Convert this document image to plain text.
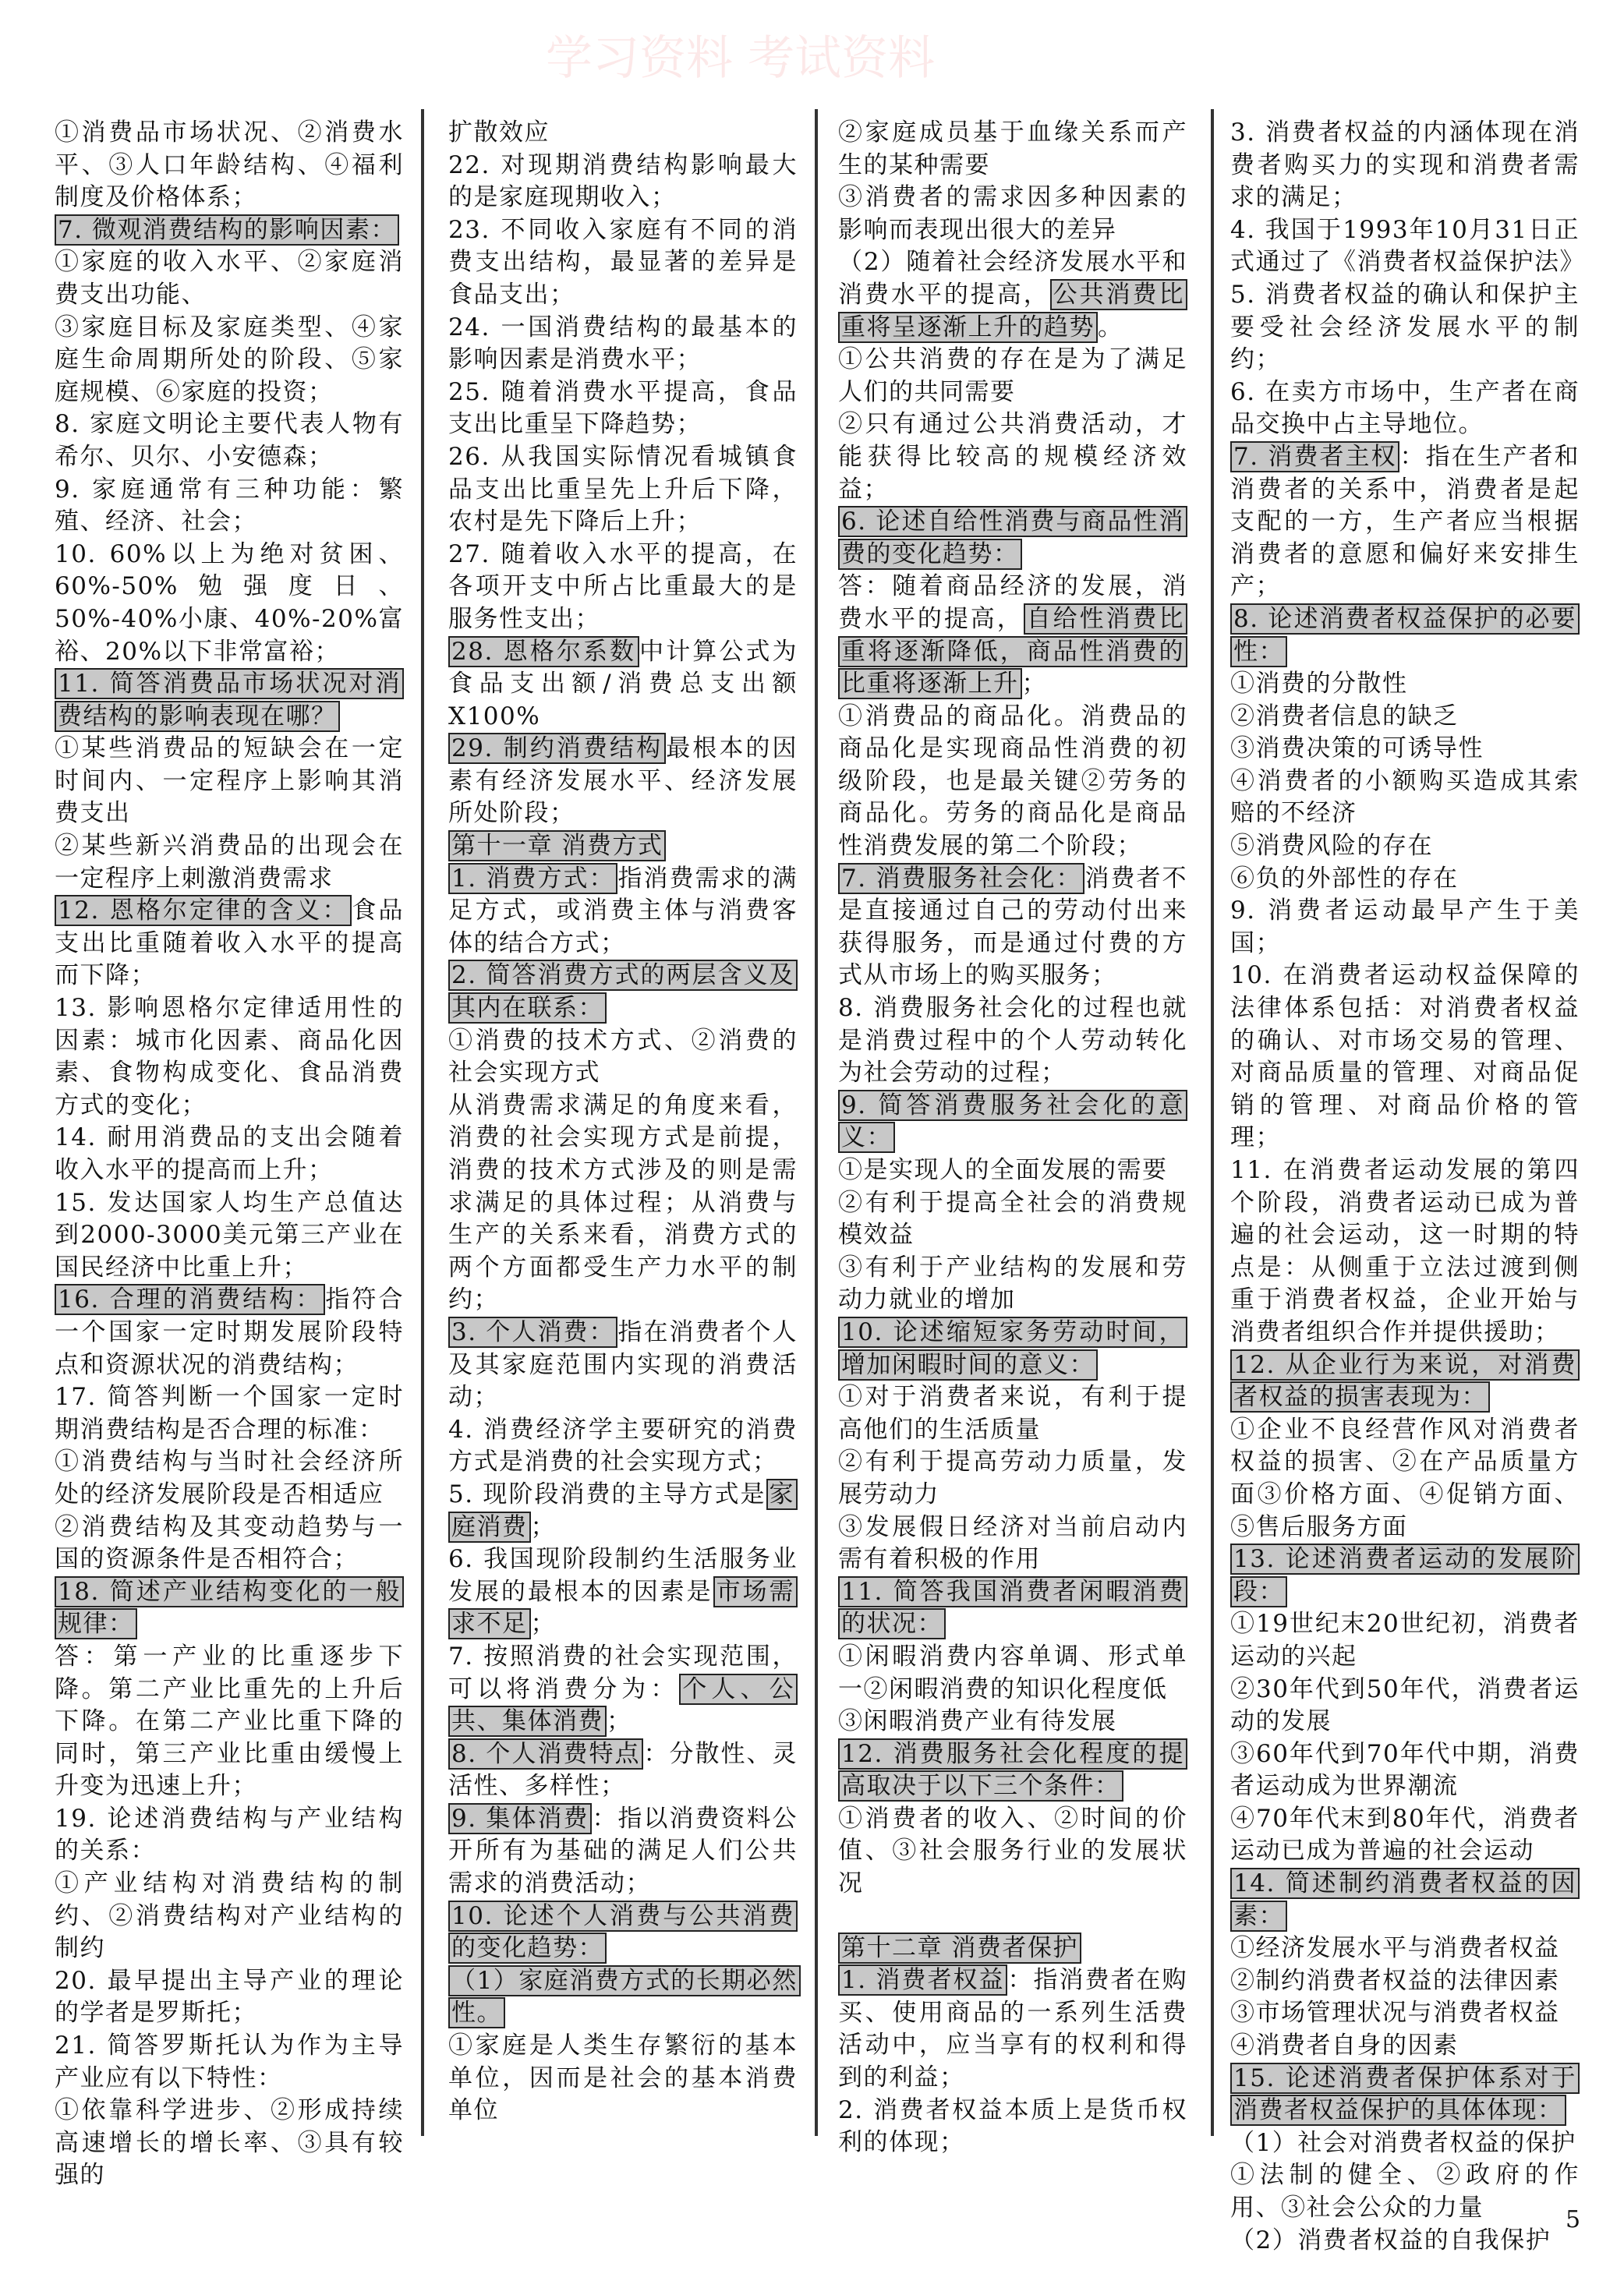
①消费品市场状况、②消费水平、③人口年龄结构、④福利制度及价格体系；

7. 微观消费结构的影响因素：

①家庭的收入水平、②家庭消费支出功能、

③家庭目标及家庭类型、④家庭生命周期所处的阶段、⑤家庭规模、⑥家庭的投资；

8. 家庭文明论主要代表人物有希尔、贝尔、小安德森；

9. 家庭通常有三种功能：繁殖、经济、社会；

10. 60%以上为绝对贫困、60%-50%勉强度日、50%-40%小康、40%-20%富裕、20%以下非常富裕；

11. 简答消费品市场状况对消费结构的影响表现在哪？

①某些消费品的短缺会在一定时间内、一定程序上影响其消费支出

②某些新兴消费品的出现会在一定程序上刺激消费需求

12. 恩格尔定律的含义： 食品支出比重随着收入水平的提高而下降；

13. 影响恩格尔定律适用性的因素：城市化因素、商品化因素、食物构成变化、食品消费方式的变化；

14. 耐用消费品的支出会随着收入水平的提高而上升；

15. 发达国家人均生产总值达到2000-3000美元第三产业在国民经济中比重上升；

16. 合理的消费结构： 指符合一个国家一定时期发展阶段特点和资源状况的消费结构；

17. 简答判断一个国家一定时期消费结构是否合理的标准：

①消费结构与当时社会经济所处的经济发展阶段是否相适应

②消费结构及其变动趋势与一国的资源条件是否相符合；

18. 简述产业结构变化的一般规律：

答：第一产业的比重逐步下降。第二产业比重先的上升后下降。在第二产业比重下降的同时，第三产业比重由缓慢上升变为迅速上升；

19. 论述消费结构与产业结构的关系：

①产业结构对消费结构的制约、②消费结构对产业结构的制约

20. 最早提出主导产业的理论的学者是罗斯托；

21. 简答罗斯托认为作为主导产业应有以下特性：

①依靠科学进步、②形成持续高速增长的增长率、③具有较强的

扩散效应

22. 对现期消费结构影响最大的是家庭现期收入；

23. 不同收入家庭有不同的消费支出结构，最显著的差异是食品支出；

24. 一国消费结构的最基本的影响因素是消费水平；

25. 随着消费水平提高，食品支出比重呈下降趋势；

26. 从我国实际情况看城镇食品支出比重呈先上升后下降，农村是先下降后上升；

27. 随着收入水平的提高，在各项开支中所占比重最大的是服务性支出；

28. 恩格尔系数 中计算公式为食品支出额/消费总支出额X100%

29. 制约消费结构 最根本的因素有经济发展水平、经济发展所处阶段；

第十一章 消费方式

1. 消费方式： 指消费需求的满足方式，或消费主体与消费客体的结合方式；

2. 简答消费方式的两层含义及其内在联系：

①消费的技术方式、②消费的社会实现方式

从消费需求满足的角度来看，消费的社会实现方式是前提，消费的技术方式涉及的则是需求满足的具体过程；从消费与生产的关系来看，消费方式的两个方面都受生产力水平的制约；

3. 个人消费： 指在消费者个人及其家庭范围内实现的消费活动；

4. 消费经济学主要研究的消费方式是消费的社会实现方式；

5. 现阶段消费的主导方式是 家庭消费 ；

6. 我国现阶段制约生活服务业发展的最根本的因素是 市场需求不足 ；

7. 按照消费的社会实现范围，可以将消费分为： 个人、公共、集体消费 ；

8. 个人消费特点 ：分散性、灵活性、多样性；

9. 集体消费 ：指以消费资料公开所有为基础的满足人们公共需求的消费活动；

10. 论述个人消费与公共消费的变化趋势：

（1）家庭消费方式的长期必然性。

①家庭是人类生存繁衍的基本单位，因而是社会的基本消费单位

②家庭成员基于血缘关系而产生的某种需要

③消费者的需求因多种因素的影响而表现出很大的差异

（2）随着社会经济发展水平和消费水平的提高， 公共消费比重将呈逐渐上升的趋势 。

①公共消费的存在是为了满足人们的共同需要

②只有通过公共消费活动，才能获得比较高的规模经济效益；

6. 论述自给性消费与商品性消费的变化趋势：

答：随着商品经济的发展，消费水平的提高， 自给性消费比重将逐渐降低，商品性消费的比重将逐渐上升 ；

①消费品的商品化。消费品的商品化是实现商品性消费的初级阶段，也是最关键②劳务的商品化。劳务的商品化是商品性消费发展的第二个阶段；

7. 消费服务社会化： 消费者不是直接通过自己的劳动付出来获得服务，而是通过付费的方式从市场上的购买服务；

8. 消费服务社会化的过程也就是消费过程中的个人劳动转化为社会劳动的过程；

9. 简答消费服务社会化的意义：

①是实现人的全面发展的需要

②有利于提高全社会的消费规模效益

③有利于产业结构的发展和劳动力就业的增加

10. 论述缩短家务劳动时间，增加闲暇时间的意义：

①对于消费者来说，有利于提高他们的生活质量

②有利于提高劳动力质量，发展劳动力

③发展假日经济对当前启动内需有着积极的作用

11. 简答我国消费者闲暇消费的状况：

①闲暇消费内容单调、形式单一②闲暇消费的知识化程度低

③闲暇消费产业有待发展

12. 消费服务社会化程度的提高取决于以下三个条件：

①消费者的收入、②时间的价值、③社会服务行业的发展状况

第十二章 消费者保护

1. 消费者权益 ：指消费者在购买、使用商品的一系列生活费活动中，应当享有的权利和得到的利益；

2. 消费者权益本质上是货币权利的体现；

3. 消费者权益的内涵体现在消费者购买力的实现和消费者需求的满足；

4. 我国于1993年10月31日正式通过了《消费者权益保护法》

5. 消费者权益的确认和保护主要受社会经济发展水平的制约；

6. 在卖方市场中，生产者在商品交换中占主导地位。

7. 消费者主权 ：指在生产者和消费者的关系中，消费者是起支配的一方，生产者应当根据消费者的意愿和偏好来安排生产；

8. 论述消费者权益保护的必要性：

①消费的分散性

②消费者信息的缺乏

③消费决策的可诱导性

④消费者的小额购买造成其索赔的不经济

⑤消费风险的存在

⑥负的外部性的存在

9. 消费者运动最早产生于美国；

10. 在消费者运动权益保障的法律体系包括：对消费者权益的确认、对市场交易的管理、对商品质量的管理、对商品促销的管理、对商品价格的管理；

11. 在消费者运动发展的第四个阶段，消费者运动已成为普遍的社会运动，这一时期的特点是：从侧重于立法过渡到侧重于消费者权益，企业开始与消费者组织合作并提供援助；

12. 从企业行为来说，对消费者权益的损害表现为：

①企业不良经营作风对消费者权益的损害、②在产品质量方面③价格方面、④促销方面、⑤售后服务方面

13. 论述消费者运动的发展阶段：

①19世纪末20世纪初，消费者运动的兴起

②30年代到50年代，消费者运动的发展

③60年代到70年代中期，消费者运动成为世界潮流

④70年代末到80年代，消费者运动已成为普遍的社会运动

14. 简述制约消费者权益的因素：

①经济发展水平与消费者权益

②制约消费者权益的法律因素

③市场管理状况与消费者权益

④消费者自身的因素

15. 论述消费者保护体系对于消费者权益保护的具体体现：

（1）社会对消费者权益的保护

①法制的健全、②政府的作用、③社会公众的力量

（2）消费者权益的自我保护

学习资料 考试资料
5
